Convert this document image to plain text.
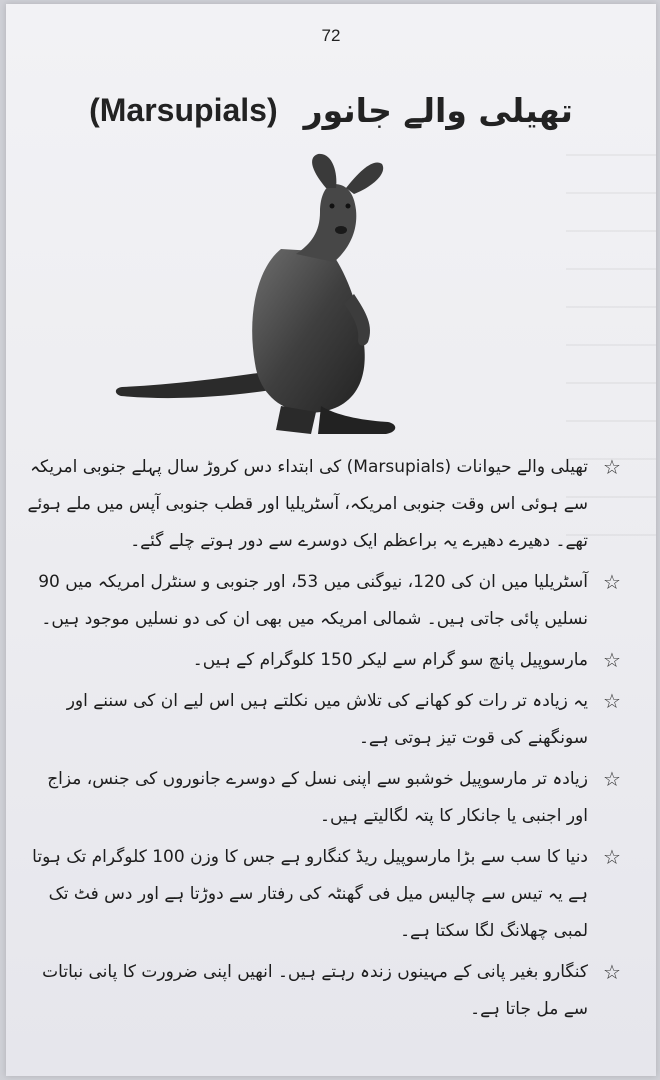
72
(Marsupials) تھیلی والے جانور
☆
تھیلی والے حیوانات (Marsupials) کی ابتداء دس کروڑ سال پہلے جنوبی امریکہ سے ہوئی اس وقت جنوبی امریکہ، آسٹریلیا اور قطب جنوبی آپس میں ملے ہوئے تھے۔ دھیرے دھیرے یہ براعظم ایک دوسرے سے دور ہوتے چلے گئے۔
☆
آسٹریلیا میں ان کی 120، نیوگنی میں 53، اور جنوبی و سنٹرل امریکہ میں 90 نسلیں پائی جاتی ہیں۔ شمالی امریکہ میں بھی ان کی دو نسلیں موجود ہیں۔
☆
مارسوپیل پانچ سو گرام سے لیکر 150 کلوگرام کے ہیں۔
☆
یہ زیادہ تر رات کو کھانے کی تلاش میں نکلتے ہیں اس لیے ان کی سننے اور سونگھنے کی قوت تیز ہوتی ہے۔
☆
زیادہ تر مارسوپیل خوشبو سے اپنی نسل کے دوسرے جانوروں کی جنس، مزاج اور اجنبی یا جانکار کا پتہ لگالیتے ہیں۔
☆
دنیا کا سب سے بڑا مارسوپیل ریڈ کنگارو ہے جس کا وزن 100 کلوگرام تک ہوتا ہے یہ تیس سے چالیس میل فی گھنٹہ کی رفتار سے دوڑتا ہے اور دس فٹ تک لمبی چھلانگ لگا سکتا ہے۔
☆
کنگارو بغیر پانی کے مہینوں زندہ رہتے ہیں۔ انھیں اپنی ضرورت کا پانی نباتات سے مل جاتا ہے۔
